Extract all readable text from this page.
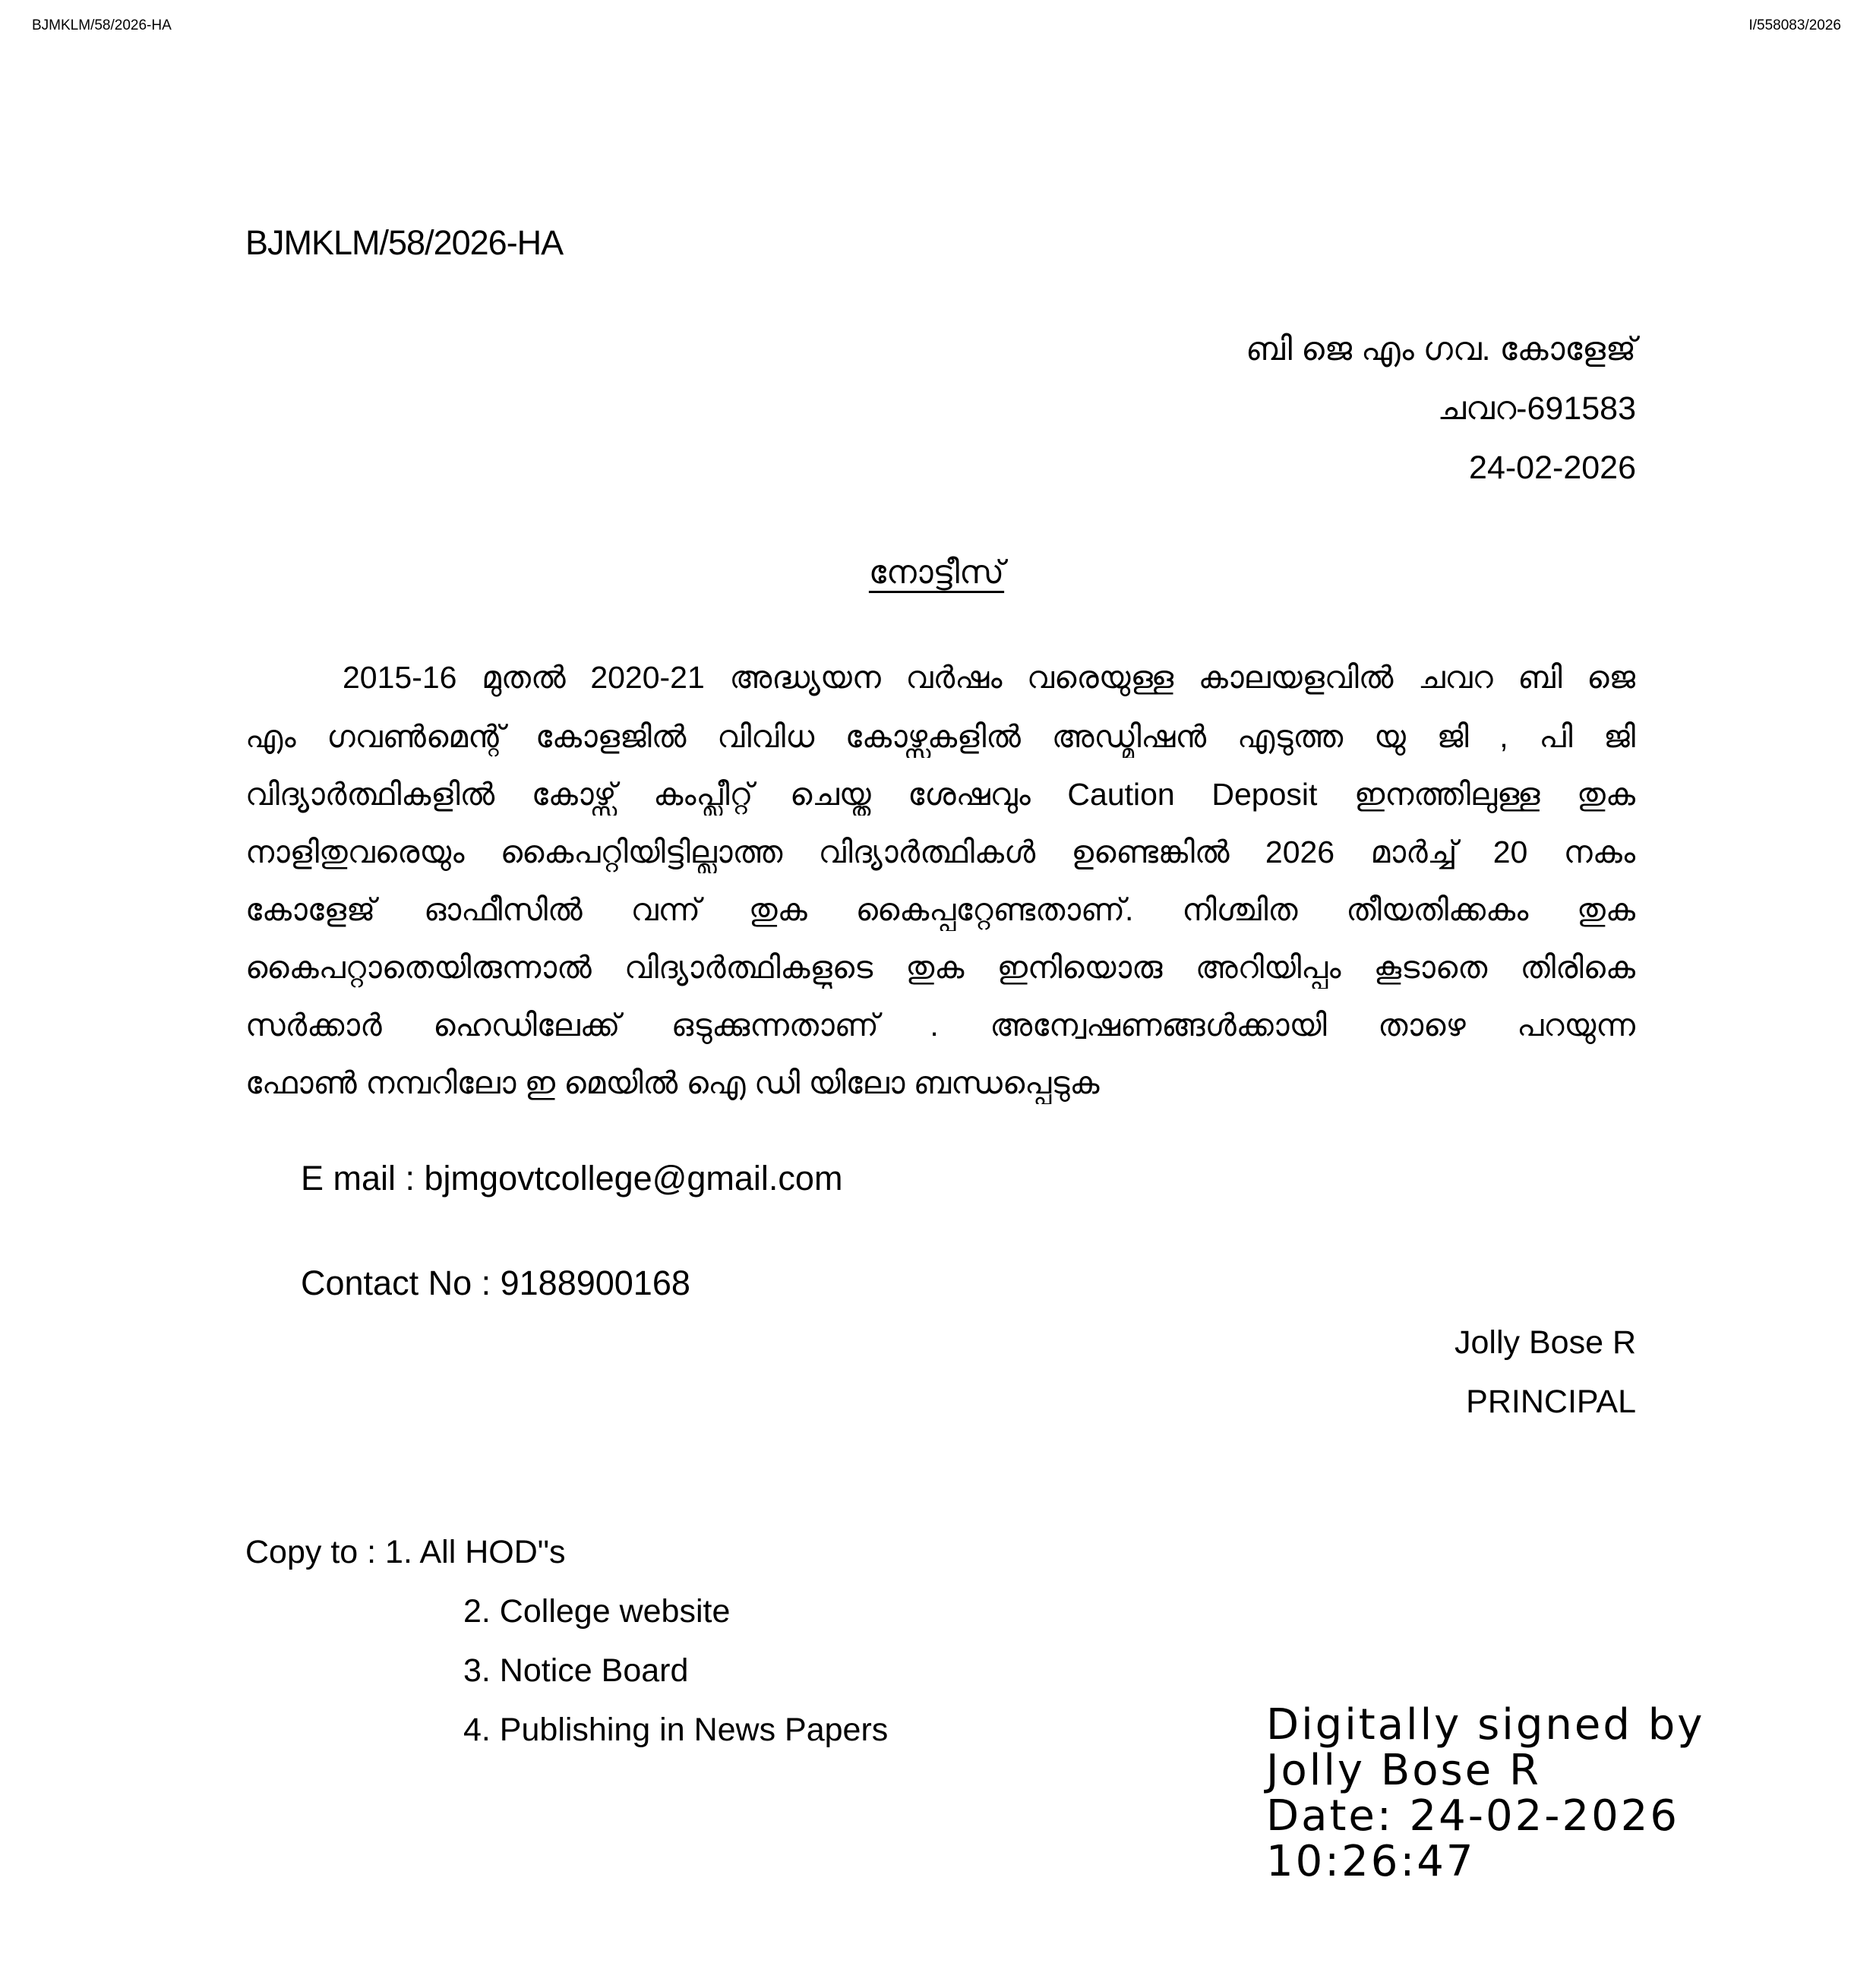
BJMKLM/58/2026-HA	I/558083/2026
BJMKLM/58/2026-HA
ബി ജെ എം ഗവ. കോളേജ്
ചവറ-691583
24-02-2026
നോട്ടീസ്
2015-16 മുതൽ 2020-21 അദ്ധ്യയന വർഷം വരെയുള്ള കാലയളവിൽ ചവറ ബി ജെ
എം ഗവൺമെന്റ് കോളജിൽ വിവിധ കോഴ്സുകളിൽ അഡ്മിഷൻ എടുത്ത യു ജി , പി ജി
വിദ്യാർത്ഥികളിൽ കോഴ്സ് കംപ്ലീറ്റ് ചെയ്ത ശേഷവും Caution Deposit ഇനത്തിലുള്ള തുക
നാളിതുവരെയും കൈപറ്റിയിട്ടില്ലാത്ത വിദ്യാർത്ഥികൾ ഉണ്ടെങ്കിൽ 2026 മാർച്ച് 20 നകം
കോളേജ് ഓഫീസിൽ വന്ന് തുക കൈപ്പറ്റേണ്ടതാണ്. നിശ്ചിത തീയതിക്കകം തുക
കൈപറ്റാതെയിരുന്നാൽ വിദ്യാർത്ഥികളുടെ തുക ഇനിയൊരു അറിയിപ്പും കൂടാതെ തിരികെ
സർക്കാർ ഹെഡിലേക്ക് ഒടുക്കുന്നതാണ് . അന്വേഷണങ്ങൾക്കായി താഴെ പറയുന്ന
ഫോൺ നമ്പറിലോ ഇ മെയിൽ ഐ ഡി യിലോ ബന്ധപ്പെടുക
E mail : bjmgovtcollege@gmail.com
Contact No : 9188900168
Jolly Bose R
PRINCIPAL
Copy to : 1. All HOD"s
2. College website
3. Notice Board
4. Publishing in News Papers	Digitally signed by
Jolly Bose R
Date: 24-02-2026
10:26:47
